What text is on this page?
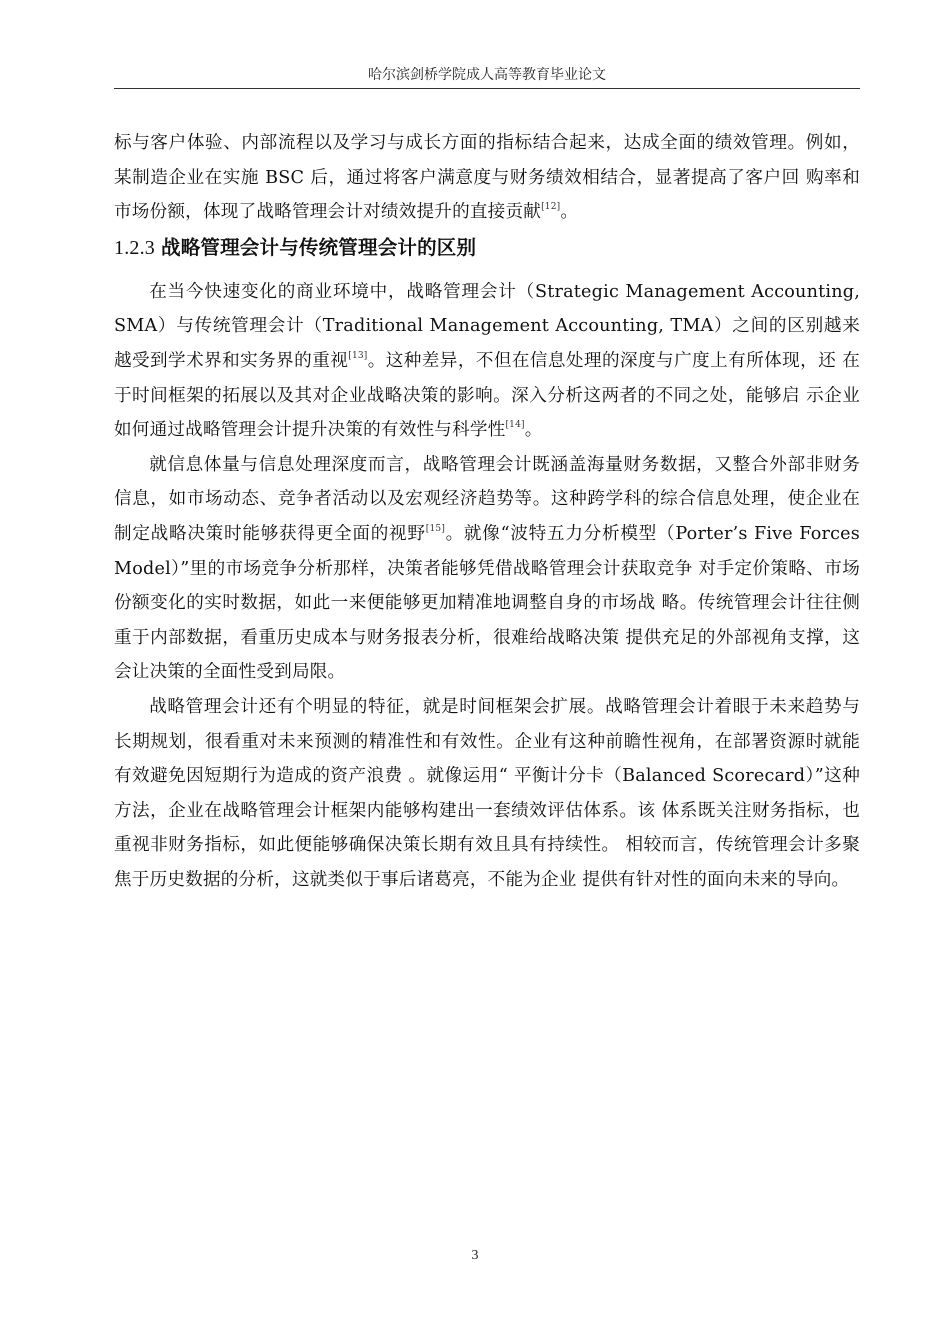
哈尔滨剑桥学院成人高等教育毕业论文

标与客户体验、内部流程以及学习与成长方面的指标结合起来，达成全面的绩效管理。例如，某制造企业在实施 BSC 后，通过将客户满意度与财务绩效相结合，显著提高了客户回 购率和市场份额，体现了战略管理会计对绩效提升的直接贡献[12]。

1.2.3 战略管理会计与传统管理会计的区别

在当今快速变化的商业环境中，战略管理会计（Strategic Management Accounting, SMA）与传统管理会计（Traditional Management Accounting, TMA）之间的区别越来越受到学术界和实务界的重视[13]。这种差异，不但在信息处理的深度与广度上有所体现，还 在于时间框架的拓展以及其对企业战略决策的影响。深入分析这两者的不同之处，能够启 示企业如何通过战略管理会计提升决策的有效性与科学性[14]。

就信息体量与信息处理深度而言，战略管理会计既涵盖海量财务数据，又整合外部非财务信息，如市场动态、竞争者活动以及宏观经济趋势等。这种跨学科的综合信息处理，使企业在制定战略决策时能够获得更全面的视野[15]。就像“波特五力分析模型（Porter’s Five Forces Model）”里的市场竞争分析那样，决策者能够凭借战略管理会计获取竞争 对手定价策略、市场份额变化的实时数据，如此一来便能够更加精准地调整自身的市场战 略。传统管理会计往往侧重于内部数据，看重历史成本与财务报表分析，很难给战略决策 提供充足的外部视角支撑，这会让决策的全面性受到局限。

战略管理会计还有个明显的特征，就是时间框架会扩展。战略管理会计着眼于未来趋势与长期规划，很看重对未来预测的精准性和有效性。企业有这种前瞻性视角，在部署资源时就能有效避免因短期行为造成的资产浪费 。就像运用“ 平衡计分卡（Balanced Scorecard）”这种方法，企业在战略管理会计框架内能够构建出一套绩效评估体系。该 体系既关注财务指标，也重视非财务指标，如此便能够确保决策长期有效且具有持续性。 相较而言，传统管理会计多聚焦于历史数据的分析，这就类似于事后诸葛亮，不能为企业 提供有针对性的面向未来的导向。

3
